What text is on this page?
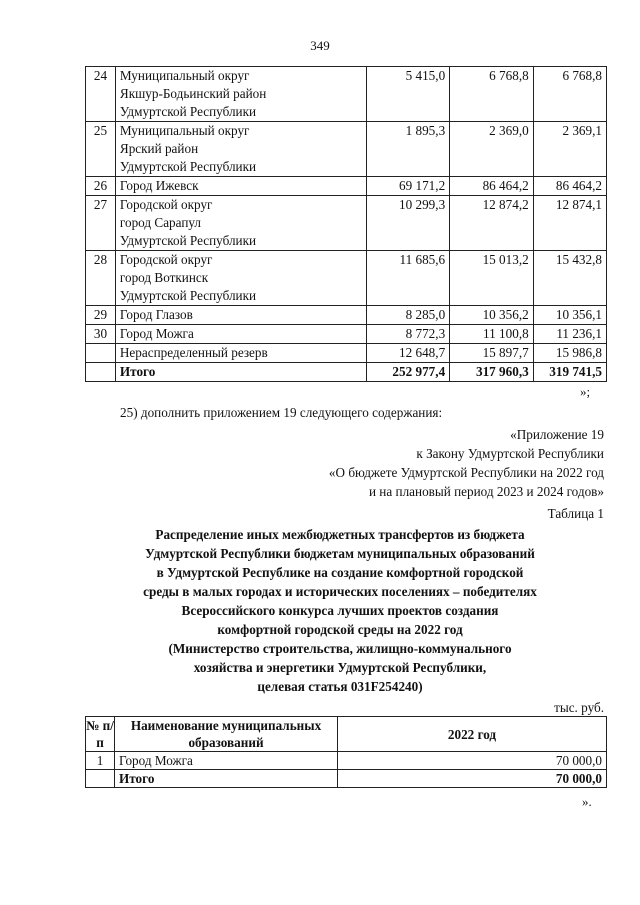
349
24	Муниципальный округ
Якшур-Бодьинский район
Удмуртской Республики	5 415,0	6 768,8	6 768,8
25	Муниципальный округ
Ярский район
Удмуртской Республики	1 895,3	2 369,0	2 369,1
26	Город Ижевск	69 171,2	86 464,2	86 464,2
27	Городской округ
город Сарапул
Удмуртской Республики	10 299,3	12 874,2	12 874,1
28	Городской округ
город Воткинск
Удмуртской Республики	11 685,6	15 013,2	15 432,8
29	Город Глазов	8 285,0	10 356,2	10 356,1
30	Город Можга	8 772,3	11 100,8	11 236,1

	Нераспределенный резерв	12 648,7	15 897,7	15 986,8
	Итого	252 977,4	317 960,3	319 741,5
»;
25) дополнить приложением 19 следующего содержания:
«Приложение 19
к Закону Удмуртской Республики
«О бюджете Удмуртской Республики на 2022 год
и на плановый период 2023 и 2024 годов»
Таблица 1
Распределение иных межбюджетных трансфертов из бюджета
Удмуртской Республики бюджетам муниципальных образований
в Удмуртской Республике на создание комфортной городской
среды в малых городах и исторических поселениях – победителях
Всероссийского конкурса лучших проектов создания
комфортной городской среды на 2022 год
(Министерство строительства, жилищно-коммунального
хозяйства и энергетики Удмуртской Республики,
целевая статья 031F254240)
тыс. руб.
№ п/п	Наименование муниципальных образований	2022 год
1	Город Можга	70 000,0
	Итого	70 000,0
».
